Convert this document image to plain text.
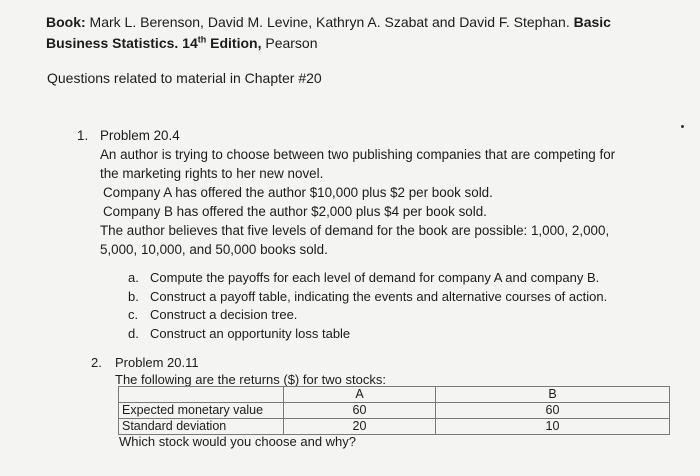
Book: Mark L. Berenson, David M. Levine, Kathryn A. Szabat and David F. Stephan. Basic Business Statistics. 14th Edition, Pearson
Questions related to material in Chapter #20
1. Problem 20.4
An author is trying to choose between two publishing companies that are competing for
the marketing rights to her new novel.
Company A has offered the author $10,000 plus $2 per book sold.
Company B has offered the author $2,000 plus $4 per book sold.
The author believes that five levels of demand for the book are possible: 1,000, 2,000,
5,000, 10,000, and 50,000 books sold.
a. Compute the payoffs for each level of demand for company A and company B.
b. Construct a payoff table, indicating the events and alternative courses of action.
c. Construct a decision tree.
d. Construct an opportunity loss table
2. Problem 20.11
The following are the returns ($) for two stocks:
	A	B
Expected monetary value	60	60
Standard deviation	20	10
Which stock would you choose and why?
